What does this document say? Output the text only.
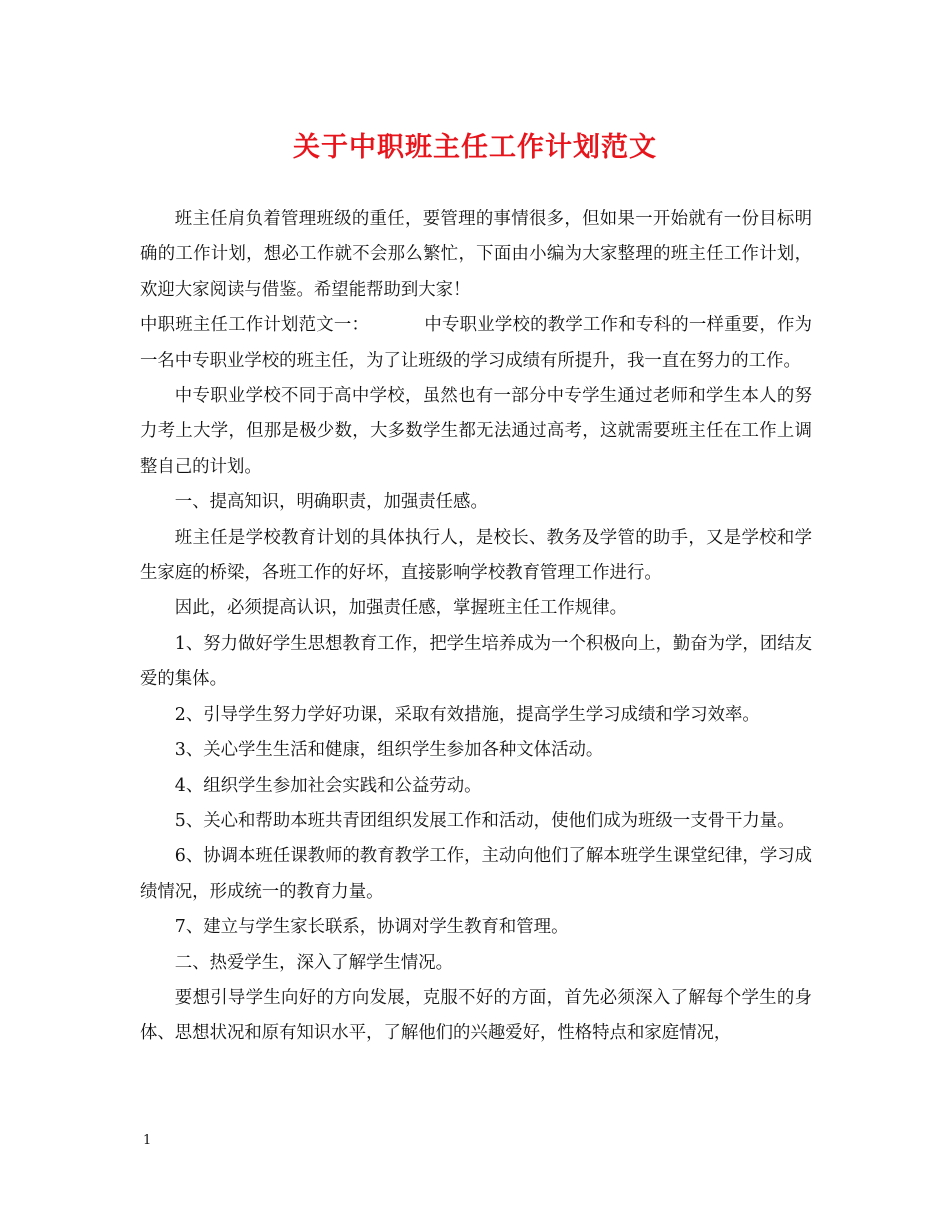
关于中职班主任工作计划范文

班主任肩负着管理班级的重任，要管理的事情很多，但如果一开始就有一份目标明确的工作计划，想必工作就不会那么繁忙，下面由小编为大家整理的班主任工作计划，欢迎大家阅读与借鉴。希望能帮助到大家！

中职班主任工作计划范文一：	中专职业学校的教学工作和专科的一样重要，作为一名中专职业学校的班主任，为了让班级的学习成绩有所提升，我一直在努力的工作。

中专职业学校不同于高中学校，虽然也有一部分中专学生通过老师和学生本人的努力考上大学，但那是极少数，大多数学生都无法通过高考，这就需要班主任在工作上调整自己的计划。

一、提高知识，明确职责，加强责任感。

班主任是学校教育计划的具体执行人，是校长、教务及学管的助手，又是学校和学生家庭的桥梁，各班工作的好坏，直接影响学校教育管理工作进行。

因此，必须提高认识，加强责任感，掌握班主任工作规律。

1、努力做好学生思想教育工作，把学生培养成为一个积极向上，勤奋为学，团结友爱的集体。

2、引导学生努力学好功课，采取有效措施，提高学生学习成绩和学习效率。

3、关心学生生活和健康，组织学生参加各种文体活动。

4、组织学生参加社会实践和公益劳动。

5、关心和帮助本班共青团组织发展工作和活动，使他们成为班级一支骨干力量。

6、协调本班任课教师的教育教学工作，主动向他们了解本班学生课堂纪律，学习成绩情况，形成统一的教育力量。

7、建立与学生家长联系，协调对学生教育和管理。

二、热爱学生，深入了解学生情况。

要想引导学生向好的方向发展，克服不好的方面，首先必须深入了解每个学生的身体、思想状况和原有知识水平，了解他们的兴趣爱好，性格特点和家庭情况，

1
